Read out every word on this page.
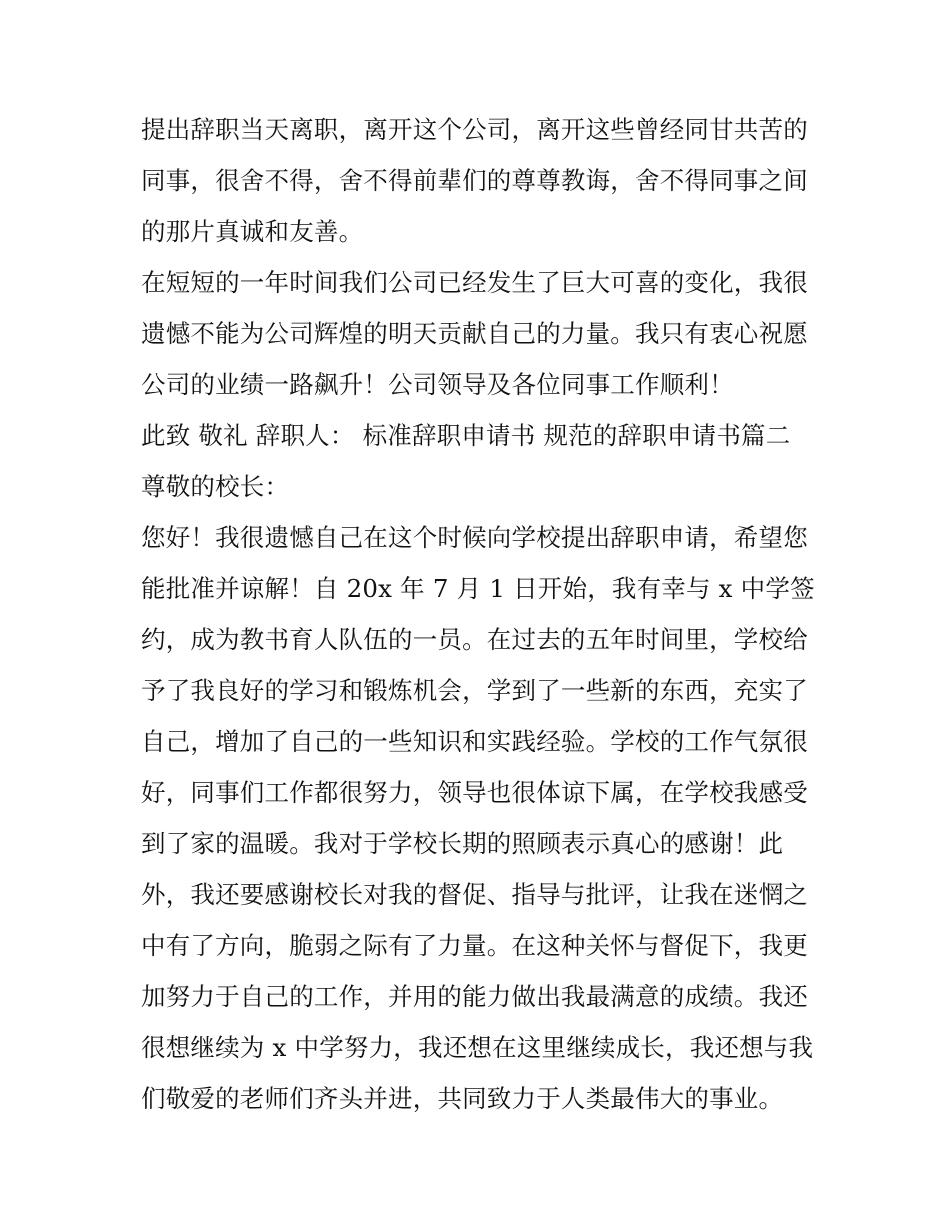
提出辞职当天离职，离开这个公司，离开这些曾经同甘共苦的
同事，很舍不得，舍不得前辈们的尊尊教诲，舍不得同事之间
的那片真诚和友善。
在短短的一年时间我们公司已经发生了巨大可喜的变化，我很
遗憾不能为公司辉煌的明天贡献自己的力量。我只有衷心祝愿
公司的业绩一路飙升！公司领导及各位同事工作顺利！
此致 敬礼 辞职人： 标准辞职申请书 规范的辞职申请书篇二
尊敬的校长：
您好！我很遗憾自己在这个时候向学校提出辞职申请，希望您
能批准并谅解！自 20x 年 7 月 1 日开始，我有幸与 x 中学签
约，成为教书育人队伍的一员。在过去的五年时间里，学校给
予了我良好的学习和锻炼机会，学到了一些新的东西，充实了
自己，增加了自己的一些知识和实践经验。学校的工作气氛很
好，同事们工作都很努力，领导也很体谅下属，在学校我感受
到了家的温暖。我对于学校长期的照顾表示真心的感谢！此
外，我还要感谢校长对我的督促、指导与批评，让我在迷惘之
中有了方向，脆弱之际有了力量。在这种关怀与督促下，我更
加努力于自己的工作，并用的能力做出我最满意的成绩。我还
很想继续为 x 中学努力，我还想在这里继续成长，我还想与我
们敬爱的老师们齐头并进，共同致力于人类最伟大的事业。
